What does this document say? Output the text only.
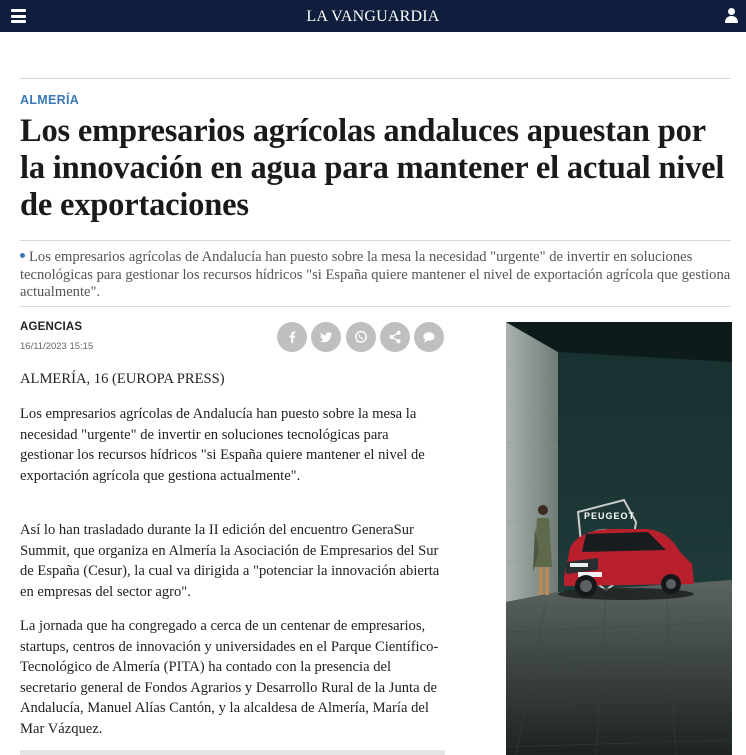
LA VANGUARDIA
ALMERÍA
Los empresarios agrícolas andaluces apuestan por la innovación en agua para mantener el actual nivel de exportaciones

Los empresarios agrícolas de Andalucía han puesto sobre la mesa la necesidad "urgente" de invertir en soluciones tecnológicas para gestionar los recursos hídricos "si España quiere mantener el nivel de exportación agrícola que gestiona actualmente".

AGENCIAS
16/11/2023 15:15

ALMERÍA, 16 (EUROPA PRESS)

Los empresarios agrícolas de Andalucía han puesto sobre la mesa la necesidad "urgente" de invertir en soluciones tecnológicas para gestionar los recursos hídricos "si España quiere mantener el nivel de exportación agrícola que gestiona actualmente".

Así lo han trasladado durante la II edición del encuentro GeneraSur Summit, que organiza en Almería la Asociación de Empresarios del Sur de España (Cesur), la cual va dirigida a "potenciar la innovación abierta en empresas del sector agro".

La jornada que ha congregado a cerca de un centenar de empresarios, startups, centros de innovación y universidades en el Parque Científico-Tecnológico de Almería (PITA) ha contado con la presencia del secretario general de Fondos Agrarios y Desarrollo Rural de la Junta de Andalucía, Manuel Alías Cantón, y la alcaldesa de Almería, María del Mar Vázquez.

PEUGEOT
